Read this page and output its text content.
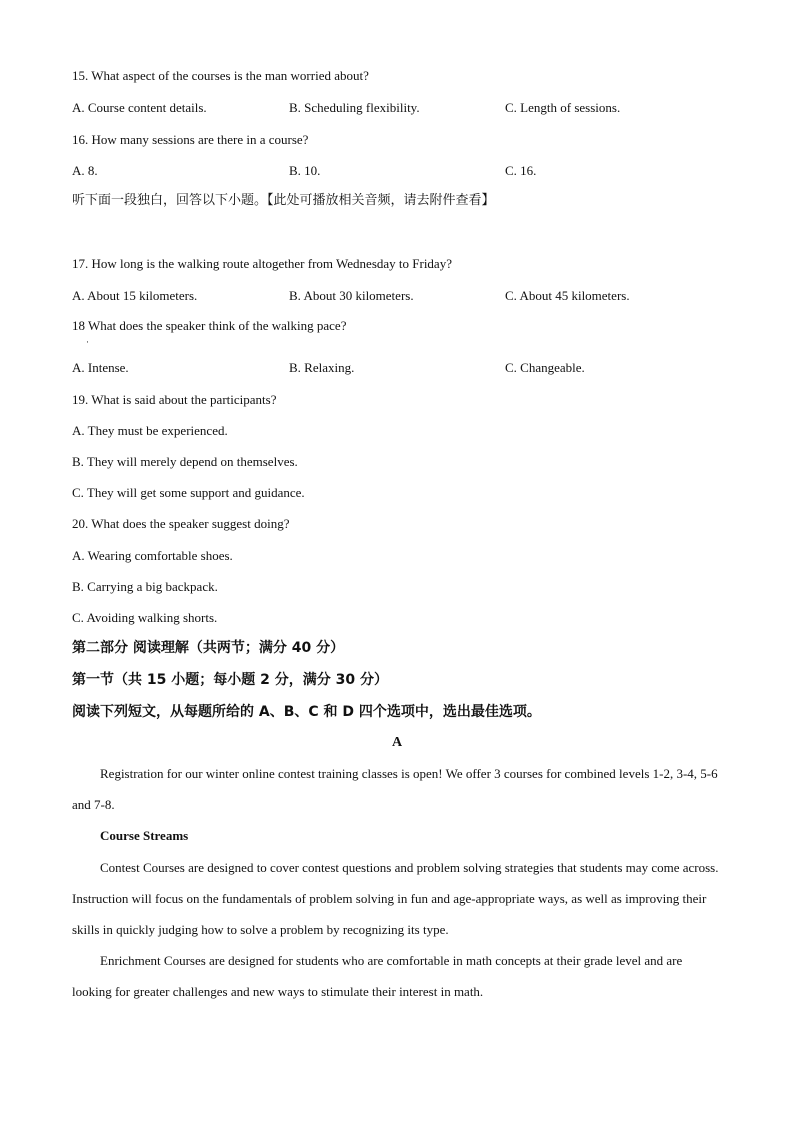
15. What aspect of the courses is the man worried about?
A. Course content details.	B. Scheduling flexibility.	C. Length of sessions.
16. How many sessions are there in a course?
A. 8.	B. 10.	C. 16.
听下面一段独白，回答以下小题。【此处可播放相关音频，请去附件查看】
17. How long is the walking route altogether from Wednesday to Friday?
A. About 15 kilometers.	B. About 30 kilometers.	C. About 45 kilometers.
18 What does the speaker think of the walking pace?
·
A. Intense.	B. Relaxing.	C. Changeable.
19. What is said about the participants?
A. They must be experienced.
B. They will merely depend on themselves.
C. They will get some support and guidance.
20. What does the speaker suggest doing?
A. Wearing comfortable shoes.
B. Carrying a big backpack.
C. Avoiding walking shorts.
第二部分 阅读理解（共两节；满分 40 分）
第一节（共 15 小题；每小题 2 分，满分 30 分）
阅读下列短文，从每题所给的 A、B、C 和 D 四个选项中，选出最佳选项。
A
Registration for our winter online contest training classes is open! We offer 3 courses for combined levels 1-2, 3-4, 5-6 and 7-8.
Course Streams
Contest Courses are designed to cover contest questions and problem solving strategies that students may come across. Instruction will focus on the fundamentals of problem solving in fun and age-appropriate ways, as well as improving their skills in quickly judging how to solve a problem by recognizing its type.
Enrichment Courses are designed for students who are comfortable in math concepts at their grade level and are looking for greater challenges and new ways to stimulate their interest in math.
